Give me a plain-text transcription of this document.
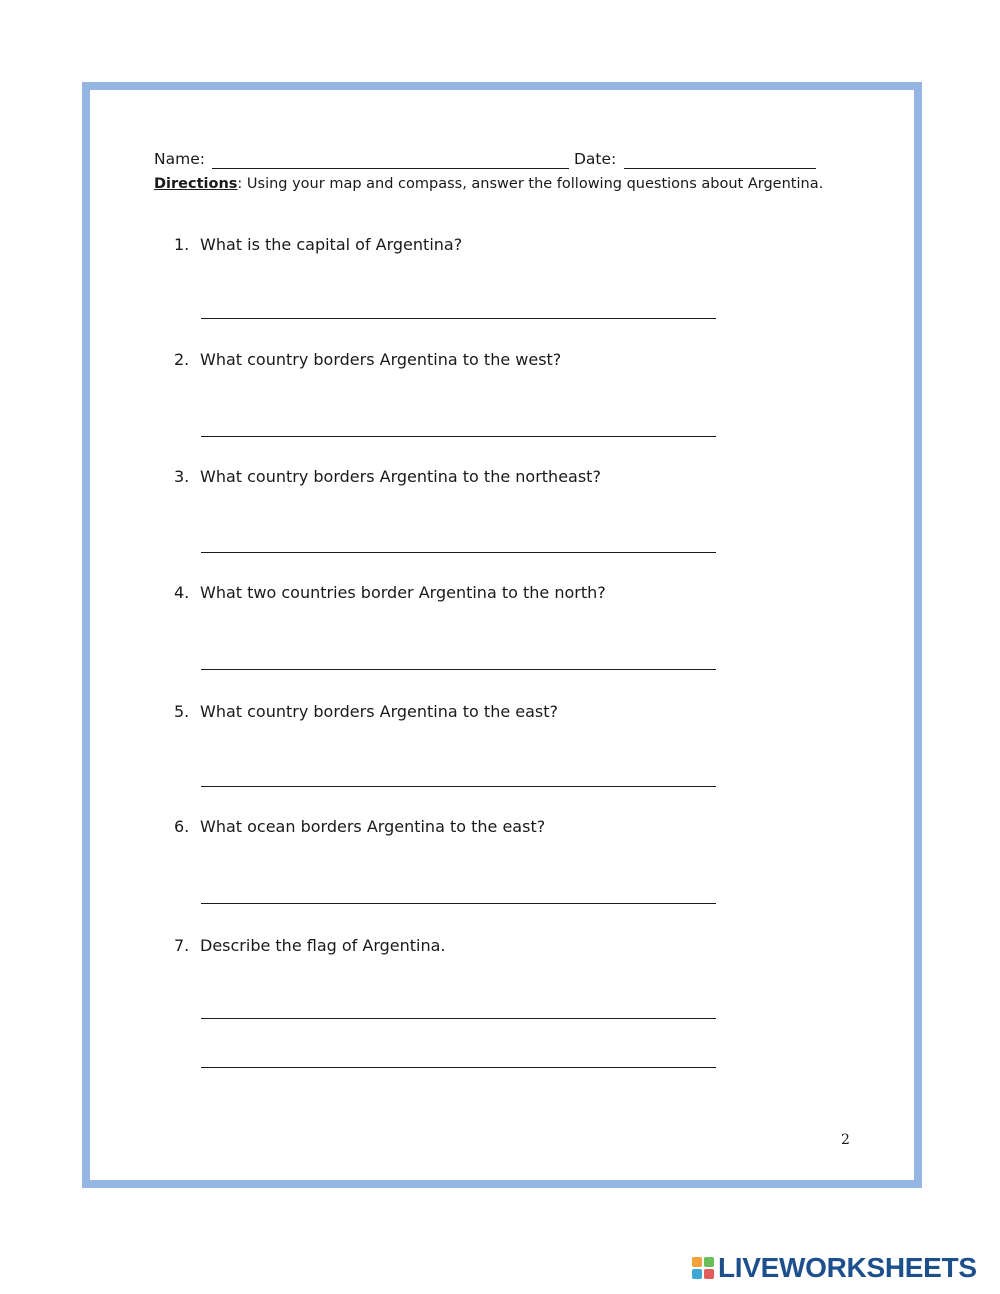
Name:	Date:
Directions: Using your map and compass, answer the following questions about Argentina.
1. What is the capital of Argentina?
2. What country borders Argentina to the west?
3. What country borders Argentina to the northeast?
4. What two countries border Argentina to the north?
5. What country borders Argentina to the east?
6. What ocean borders Argentina to the east?
7. Describe the flag of Argentina.
2
LIVEWORKSHEETS
